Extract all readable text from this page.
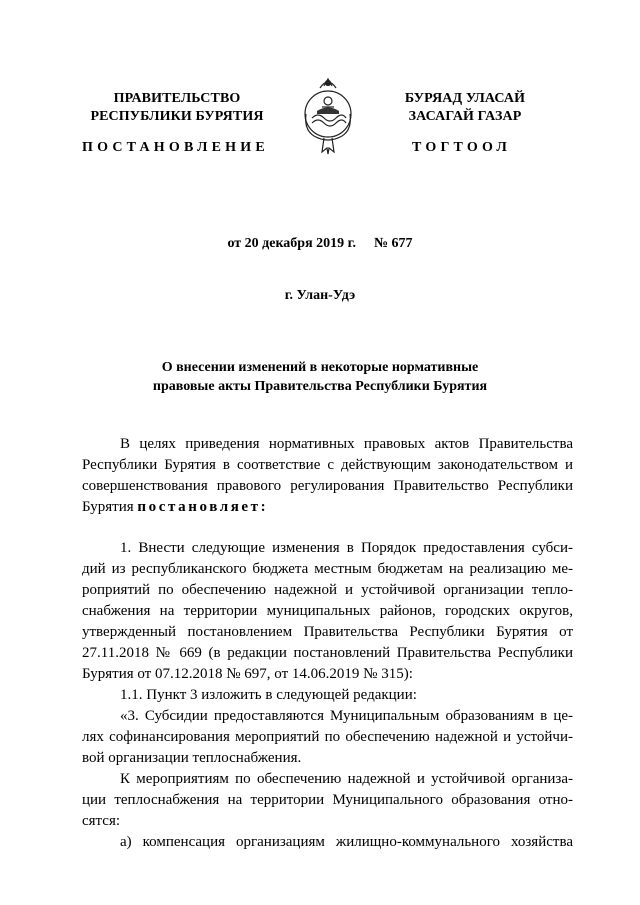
ПРАВИТЕЛЬСТВО
РЕСПУБЛИКИ БУРЯТИЯ
БУРЯАД УЛАСАЙ
ЗАСАГАЙ ГАЗАР
ПОСТАНОВЛЕНИЕ	ТОГТООЛ
от 20 декабря 2019 г. № 677
г. Улан-Удэ
О внесении изменений в некоторые нормативные
правовые акты Правительства Республики Бурятия
В целях приведения нормативных правовых актов Правительства
Республики Бурятия в соответствие с действующим законодательством и
совершенствования правового регулирования Правительство Республики
Бурятия постановляет:
1. Внести следующие изменения в Порядок предоставления субси-
дий из республиканского бюджета местным бюджетам на реализацию ме-
роприятий по обеспечению надежной и устойчивой организации тепло-
снабжения на территории муниципальных районов, городских округов,
утвержденный постановлением Правительства Республики Бурятия от
27.11.2018 № 669 (в редакции постановлений Правительства Республики
Бурятия от 07.12.2018 № 697, от 14.06.2019 № 315):
1.1. Пункт 3 изложить в следующей редакции:
«3. Субсидии предоставляются Муниципальным образованиям в це-
лях софинансирования мероприятий по обеспечению надежной и устойчи-
вой организации теплоснабжения.
К мероприятиям по обеспечению надежной и устойчивой организа-
ции теплоснабжения на территории Муниципального образования отно-
сятся:
а) компенсация организациям жилищно-коммунального хозяйства
